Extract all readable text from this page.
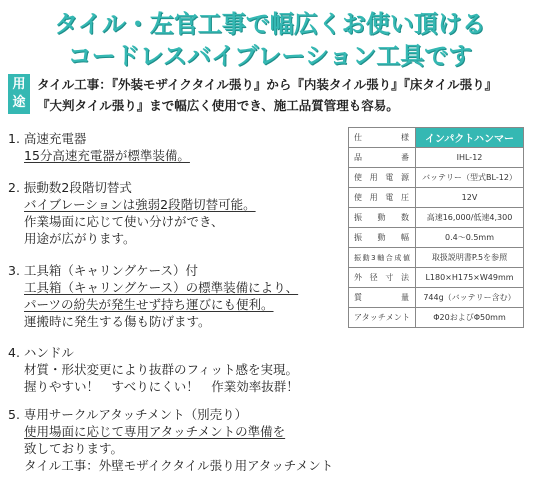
タイル・左官工事で幅広くお使い頂ける
コードレスバイブレーション工具です
用
途
タイル工事：『外装モザイクタイル張り』から『内装タイル張り』『床タイル張り』
『大判タイル張り』まで幅広く使用でき、施工品質管理も容易。
1. 高速充電器
15分高速充電器が標準装備。
2. 振動数2段階切替式
バイブレーションは強弱2段階切替可能。
作業場面に応じて使い分けができ、
用途が広がります。
3. 工具箱（キャリングケース）付
工具箱（キャリングケース）の標準装備により、
パーツの紛失が発生せず持ち運びにも便利。
運搬時に発生する傷も防げます。
4. ハンドル
材質・形状変更により抜群のフィット感を実現。
握りやすい！　すべりにくい！　作業効率抜群！
5. 専用サークルアタッチメント（別売り）
使用場面に応じて専用アタッチメントの準備を
致しております。
タイル工事：外壁モザイクタイル張り用アタッチメント
仕様	インパクトハンマー
品番	IHL-12
使用電源	バッテリー（型式BL-12）
使用電圧	12V
振動数	高速16,000/低速4,300
振動幅	0.4～0.5mm
振動3軸合成値	取扱説明書P.5を参照
外径寸法	L180×H175×W49mm
質量	744g（バッテリー含む）
アタッチメント	Φ20およびΦ50mm
